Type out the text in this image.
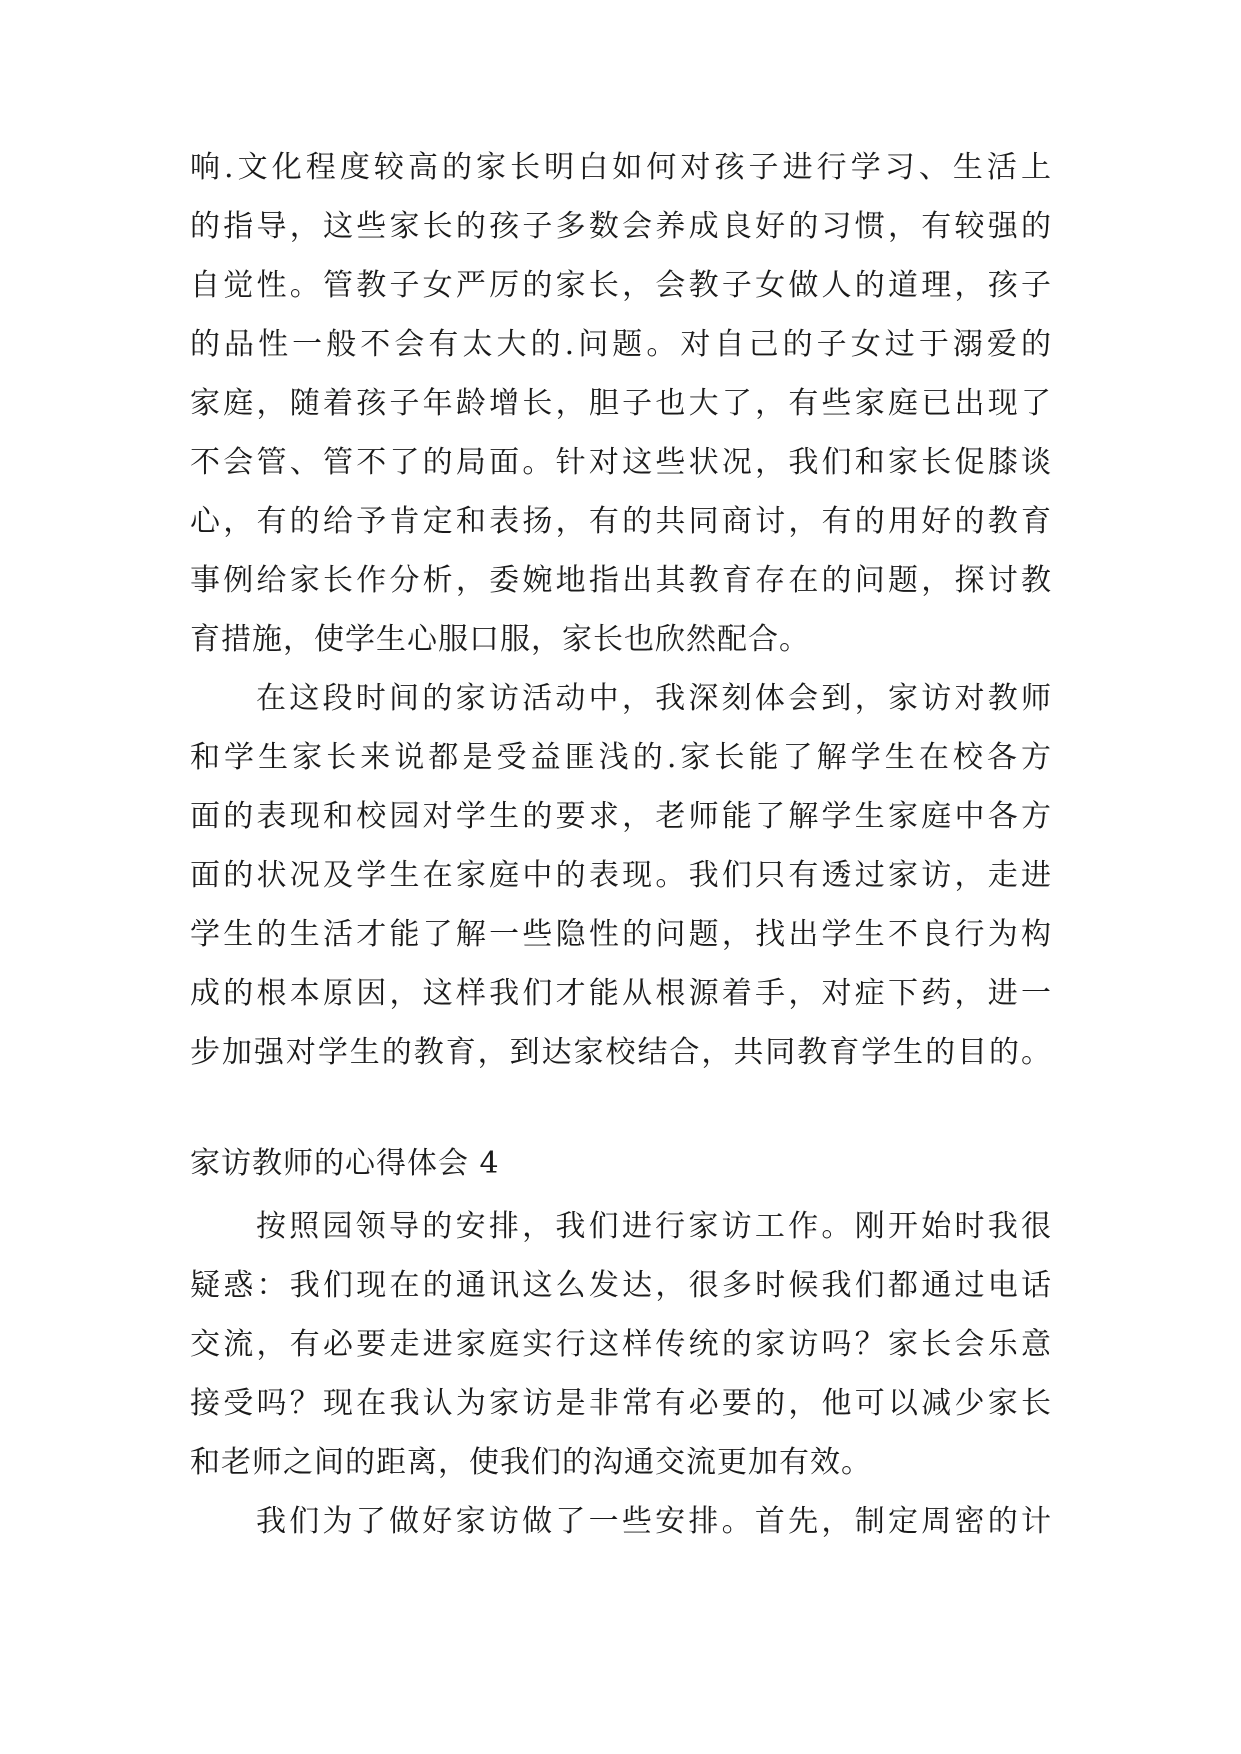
响.文化程度较高的家长明白如何对孩子进行学习、生活上
的指导，这些家长的孩子多数会养成良好的习惯，有较强的
自觉性。管教子女严厉的家长，会教子女做人的道理，孩子
的品性一般不会有太大的.问题。对自己的子女过于溺爱的
家庭，随着孩子年龄增长，胆子也大了，有些家庭已出现了
不会管、管不了的局面。针对这些状况，我们和家长促膝谈
心，有的给予肯定和表扬，有的共同商讨，有的用好的教育
事例给家长作分析，委婉地指出其教育存在的问题，探讨教
育措施，使学生心服口服，家长也欣然配合。
在这段时间的家访活动中，我深刻体会到，家访对教师
和学生家长来说都是受益匪浅的.家长能了解学生在校各方
面的表现和校园对学生的要求，老师能了解学生家庭中各方
面的状况及学生在家庭中的表现。我们只有透过家访，走进
学生的生活才能了解一些隐性的问题，找出学生不良行为构
成的根本原因，这样我们才能从根源着手，对症下药，进一
步加强对学生的教育，到达家校结合，共同教育学生的目的。
家访教师的心得体会 4
按照园领导的安排，我们进行家访工作。刚开始时我很
疑惑：我们现在的通讯这么发达，很多时候我们都通过电话
交流，有必要走进家庭实行这样传统的家访吗？家长会乐意
接受吗？现在我认为家访是非常有必要的，他可以减少家长
和老师之间的距离，使我们的沟通交流更加有效。
我们为了做好家访做了一些安排。首先，制定周密的计
